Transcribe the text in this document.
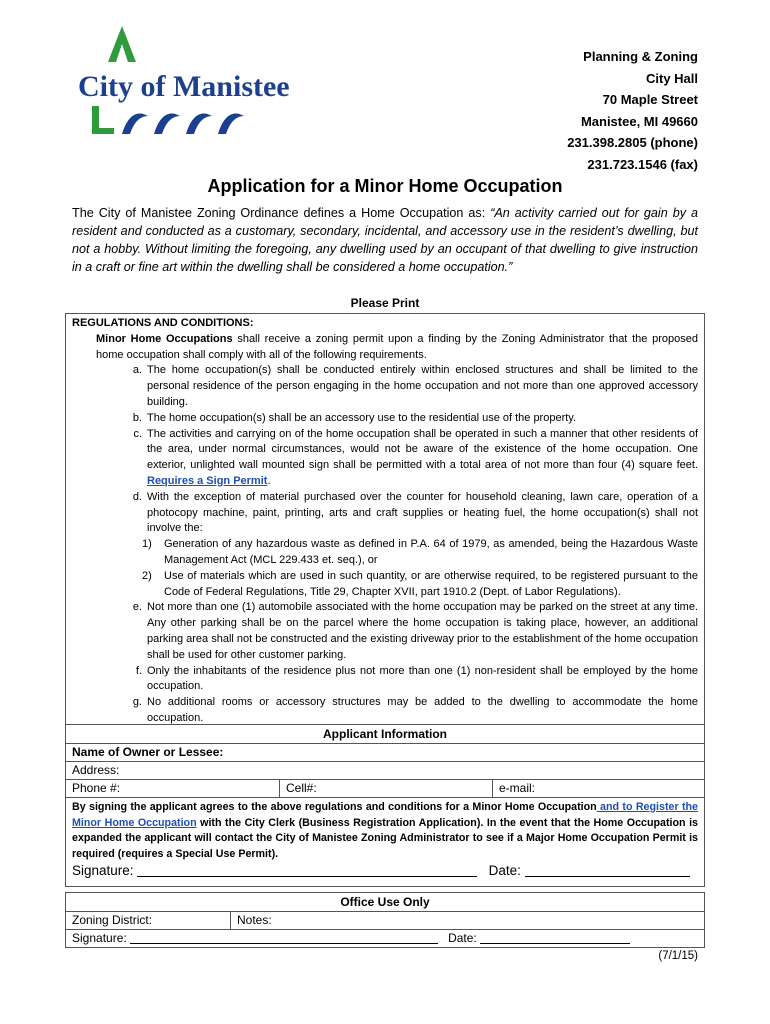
City of Manistee
Planning & Zoning
City Hall
70 Maple Street
Manistee, MI 49660
231.398.2805 (phone)
231.723.1546 (fax)
Application for a Minor Home Occupation
The City of Manistee Zoning Ordinance defines a Home Occupation as: “An activity carried out for gain by a resident and conducted as a customary, secondary, incidental, and accessory use in the resident’s dwelling, but not a hobby. Without limiting the foregoing, any dwelling used by an occupant of that dwelling to give instruction in a craft or fine art within the dwelling shall be considered a home occupation.”
Please Print
REGULATIONS AND CONDITIONS:
Minor Home Occupations shall receive a zoning permit upon a finding by the Zoning Administrator that the proposed home occupation shall comply with all of the following requirements.
a. The home occupation(s) shall be conducted entirely within enclosed structures and shall be limited to the personal residence of the person engaging in the home occupation and not more than one approved accessory building.
b. The home occupation(s) shall be an accessory use to the residential use of the property.
c. The activities and carrying on of the home occupation shall be operated in such a manner that other residents of the area, under normal circumstances, would not be aware of the existence of the home occupation. One exterior, unlighted wall mounted sign shall be permitted with a total area of not more than four (4) square feet. Requires a Sign Permit.
d. With the exception of material purchased over the counter for household cleaning, lawn care, operation of a photocopy machine, paint, printing, arts and craft supplies or heating fuel, the home occupation(s) shall not involve the:
1)	Generation of any hazardous waste as defined in P.A. 64 of 1979, as amended, being the Hazardous Waste Management Act (MCL 229.433 et. seq.), or
2)	Use of materials which are used in such quantity, or are otherwise required, to be registered pursuant to the Code of Federal Regulations, Title 29, Chapter XVII, part 1910.2 (Dept. of Labor Regulations).
e. Not more than one (1) automobile associated with the home occupation may be parked on the street at any time. Any other parking shall be on the parcel where the home occupation is taking place, however, an additional parking area shall not be constructed and the existing driveway prior to the establishment of the home occupation shall be used for other customer parking.
f. Only the inhabitants of the residence plus not more than one (1) non-resident shall be employed by the home occupation.
g. No additional rooms or accessory structures may be added to the dwelling to accommodate the home occupation.
Applicant Information
Name of Owner or Lessee:
Address:
Phone #:	Cell#:	e-mail:
By signing the applicant agrees to the above regulations and conditions for a Minor Home Occupation and to Register the Minor Home Occupation with the City Clerk (Business Registration Application). In the event that the Home Occupation is expanded the applicant will contact the City of Manistee Zoning Administrator to see if a Major Home Occupation Permit is required (requires a Special Use Permit).
Signature:	Date:
Office Use Only
Zoning District:	Notes:
Signature:	Date:
(7/1/15)
